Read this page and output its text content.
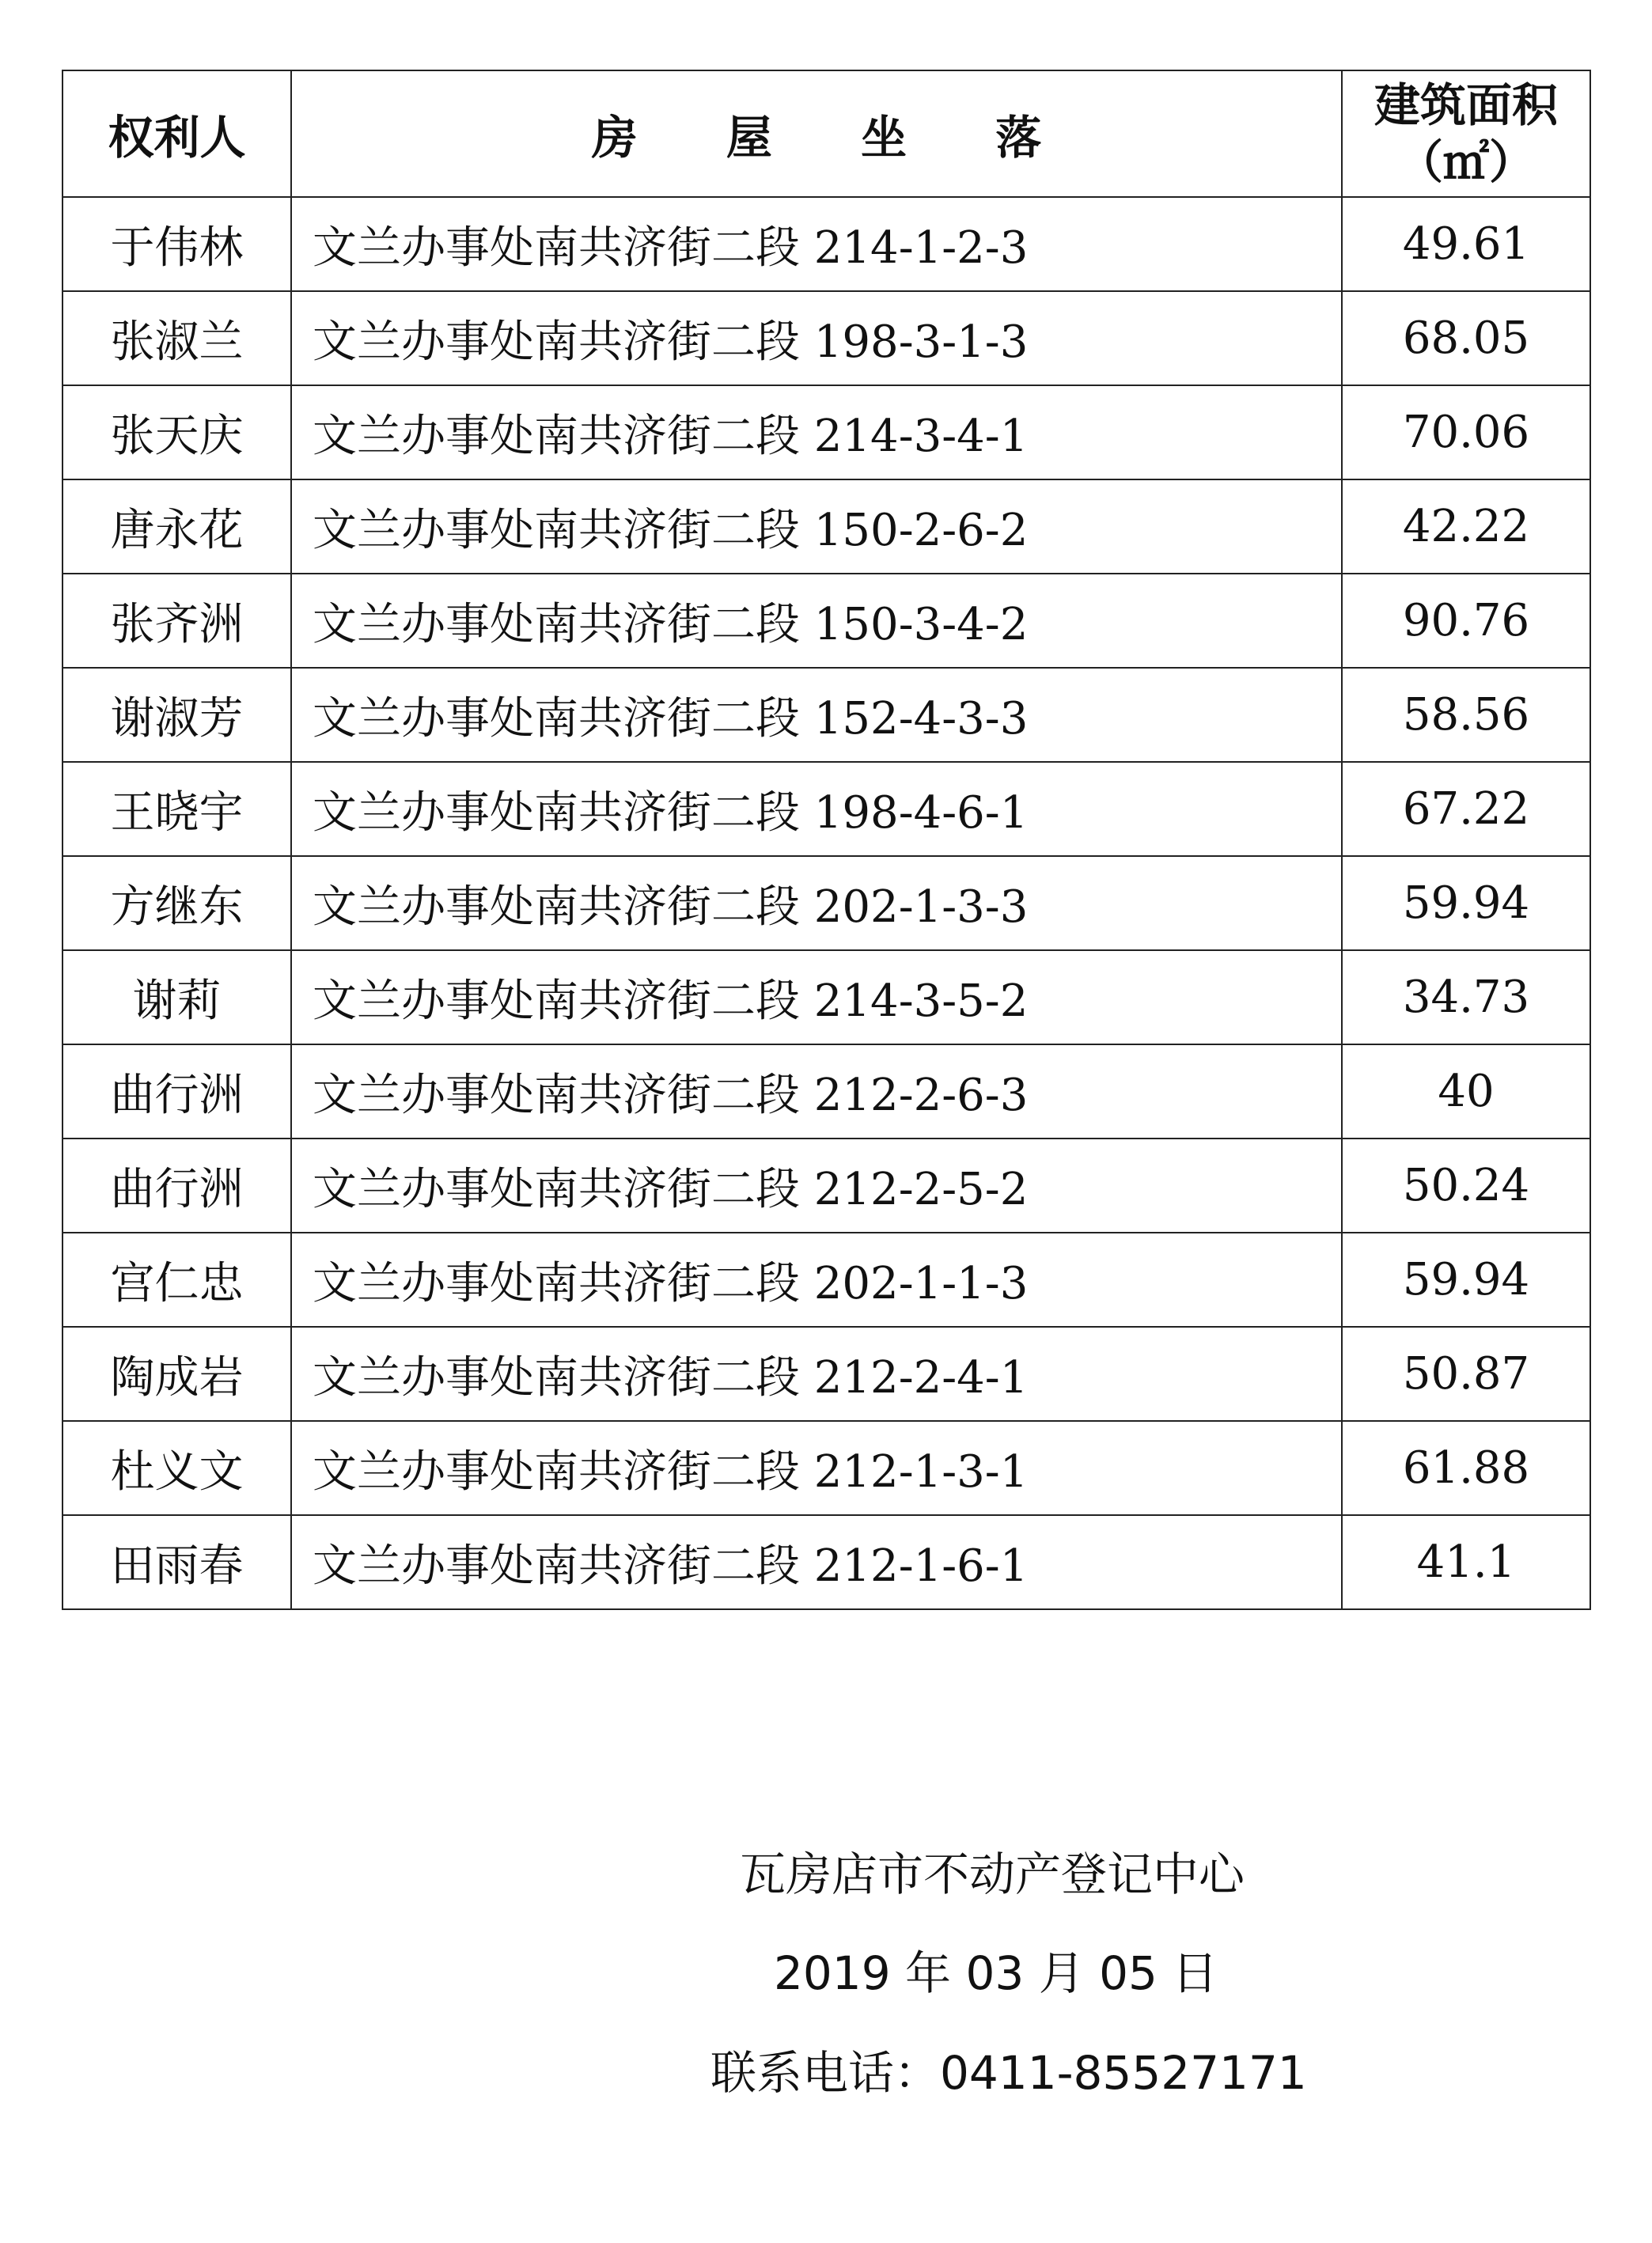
权利人	房 屋 坐 落	建筑面积
（㎡）

于伟林	文兰办事处南共济街二段 214-1-2-3	49.61
张淑兰	文兰办事处南共济街二段 198-3-1-3	68.05
张天庆	文兰办事处南共济街二段 214-3-4-1	70.06
唐永花	文兰办事处南共济街二段 150-2-6-2	42.22
张齐洲	文兰办事处南共济街二段 150-3-4-2	90.76
谢淑芳	文兰办事处南共济街二段 152-4-3-3	58.56
王晓宇	文兰办事处南共济街二段 198-4-6-1	67.22
方继东	文兰办事处南共济街二段 202-1-3-3	59.94
谢莉	文兰办事处南共济街二段 214-3-5-2	34.73
曲行洲	文兰办事处南共济街二段 212-2-6-3	40
曲行洲	文兰办事处南共济街二段 212-2-5-2	50.24
宫仁忠	文兰办事处南共济街二段 202-1-1-3	59.94
陶成岩	文兰办事处南共济街二段 212-2-4-1	50.87
杜义文	文兰办事处南共济街二段 212-1-3-1	61.88
田雨春	文兰办事处南共济街二段 212-1-6-1	41.1
瓦房店市不动产登记中心
2019 年 03 月 05 日
联系电话：0411-85527171
